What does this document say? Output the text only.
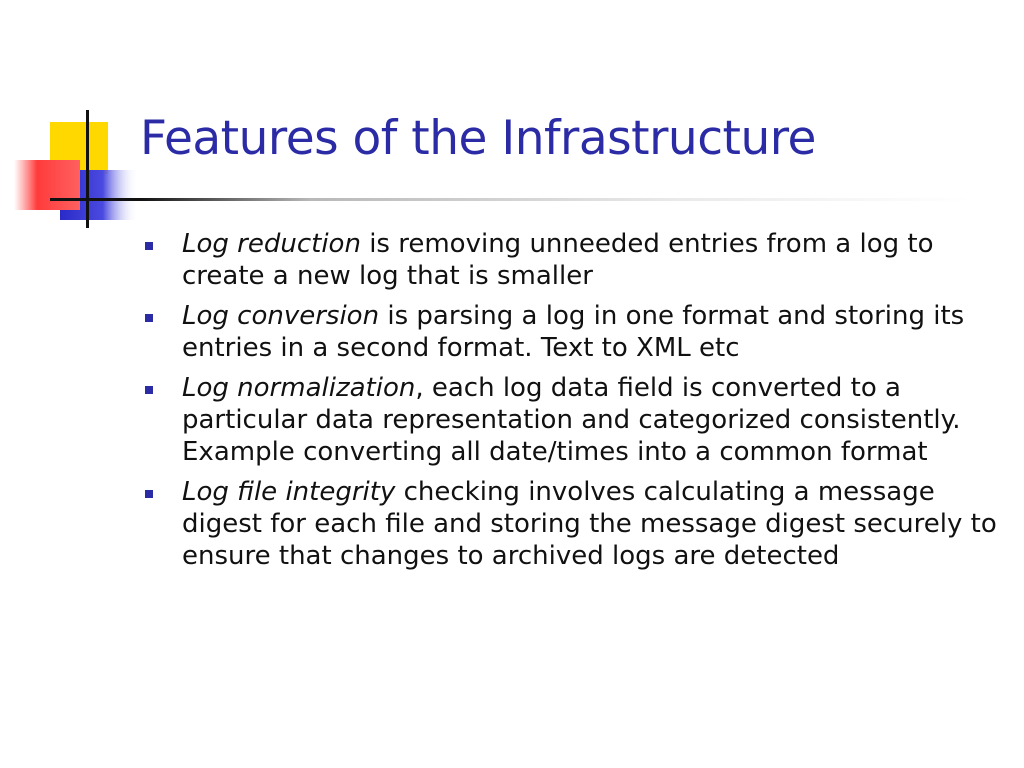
Features of the Infrastructure
Log reduction is removing unneeded entries from a log to create a new log that is smaller
Log conversion is parsing a log in one format and storing its entries in a second format. Text to XML etc
Log normalization, each log data field is converted to a particular data representation and categorized consistently. Example converting all date/times into a common format
Log file integrity checking involves calculating a message digest for each file and storing the message digest securely to ensure that changes to archived logs are detected
